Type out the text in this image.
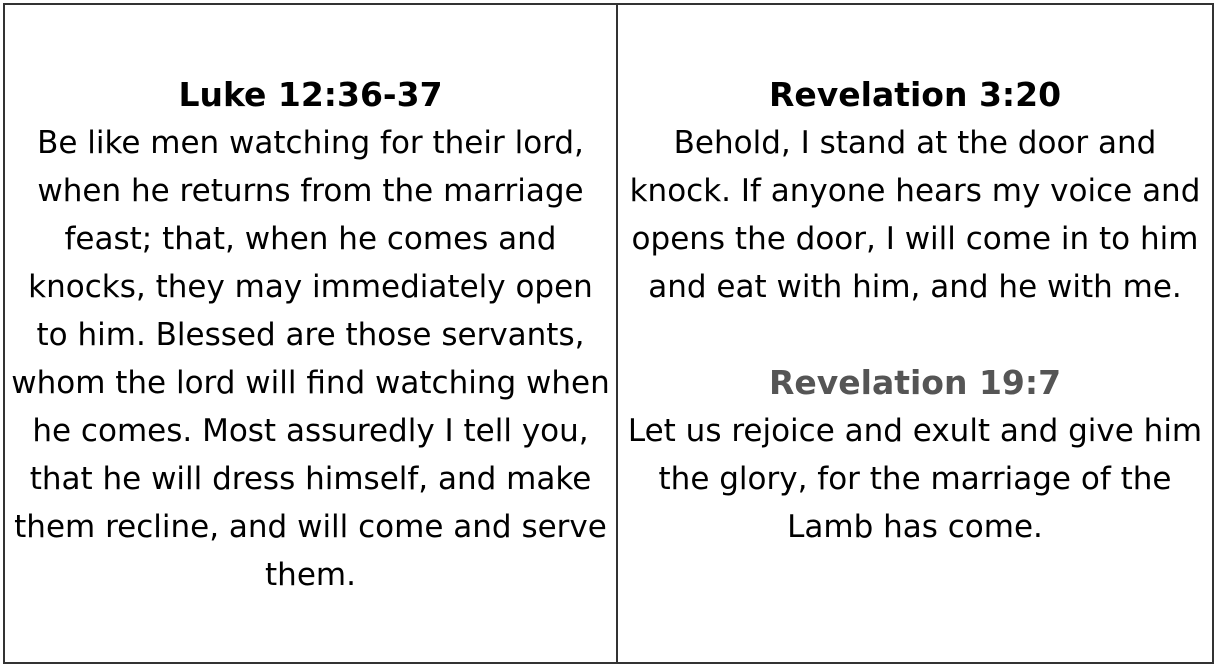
Luke 12:36-37

Be like men watching for their lord, when he returns from the marriage feast; that, when he comes and knocks, they may immediately open to him. Blessed are those servants, whom the lord will find watching when he comes. Most assuredly I tell you, that he will dress himself, and make them recline, and will come and serve them.

Revelation 3:20

Behold, I stand at the door and knock. If anyone hears my voice and opens the door, I will come in to him and eat with him, and he with me.

Revelation 19:7

Let us rejoice and exult and give him the glory, for the marriage of the Lamb has come.
